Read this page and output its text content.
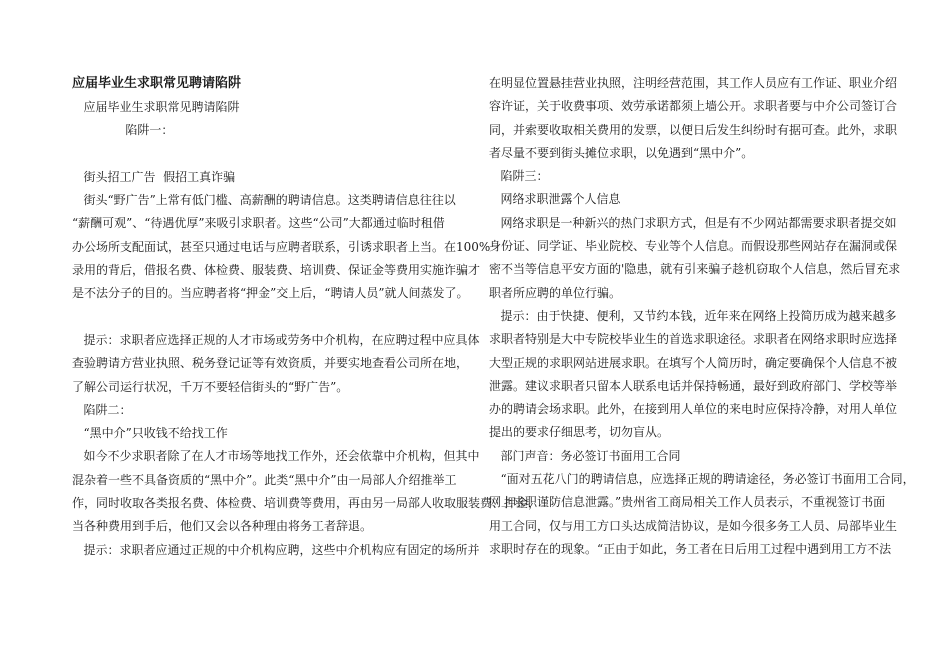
应届毕业生求职常见聘请陷阱
应届毕业生求职常见聘请陷阱
陷阱一：
街头招工广告  假招工真诈骗
街头“野广告”上常有低门槛、高薪酬的聘请信息。这类聘请信息往往以
“薪酬可观”、“待遇优厚”来吸引求职者。这些“公司”大都通过临时租借
办公场所支配面试，甚至只通过电话与应聘者联系，引诱求职者上当。在100%
录用的背后，借报名费、体检费、服装费、培训费、保证金等费用实施诈骗才
是不法分子的目的。当应聘者将“押金”交上后，“聘请人员”就人间蒸发了。
提示：求职者应选择正规的人才市场或劳务中介机构，在应聘过程中应具体
查验聘请方营业执照、税务登记证等有效资质，并要实地查看公司所在地，
了解公司运行状况，千万不要轻信街头的“野广告”。
陷阱二：
“黑中介”只收钱不给找工作
如今不少求职者除了在人才市场等地找工作外，还会依靠中介机构，但其中
混杂着一些不具备资质的“黑中介”。此类“黑中介”由一局部人介绍推举工
作，同时收取各类报名费、体检费、培训费等费用，再由另一局部人收取服装费、押金，
当各种费用到手后，他们又会以各种理由将务工者辞退。
提示：求职者应通过正规的中介机构应聘，这些中介机构应有固定的场所并
在明显位置悬挂营业执照，注明经营范围，其工作人员应有工作证、职业介绍
容许证，关于收费事项、效劳承诺都须上墙公开。求职者要与中介公司签订合
同，并索要收取相关费用的发票，以便日后发生纠纷时有据可查。此外，求职
者尽量不要到街头摊位求职，以免遇到“黑中介”。
陷阱三：
网络求职泄露个人信息
网络求职是一种新兴的热门求职方式，但是有不少网站都需要求职者提交如
身份证、同学证、毕业院校、专业等个人信息。而假设那些网站存在漏洞或保
密不当等信息平安方面的'隐患，就有引来骗子趁机窃取个人信息，然后冒充求
职者所应聘的单位行骗。
提示：由于快捷、便利，又节约本钱，近年来在网络上投简历成为越来越多
求职者特别是大中专院校毕业生的首选求职途径。求职者在网络求职时应选择
大型正规的求职网站进展求职。在填写个人简历时，确定要确保个人信息不被
泄露。建议求职者只留本人联系电话并保持畅通，最好到政府部门、学校等举
办的聘请会场求职。此外，在接到用人单位的来电时应保持冷静，对用人单位
提出的要求仔细思考，切勿盲从。
部门声音：务必签订书面用工合同
“面对五花八门的聘请信息，应选择正规的聘请途径，务必签订书面用工合同，
网上求职谨防信息泄露。”贵州省工商局相关工作人员表示，不重视签订书面
用工合同，仅与用工方口头达成简洁协议，是如今很多务工人员、局部毕业生
求职时存在的现象。“正由于如此，务工者在日后用工过程中遇到用工方不法
